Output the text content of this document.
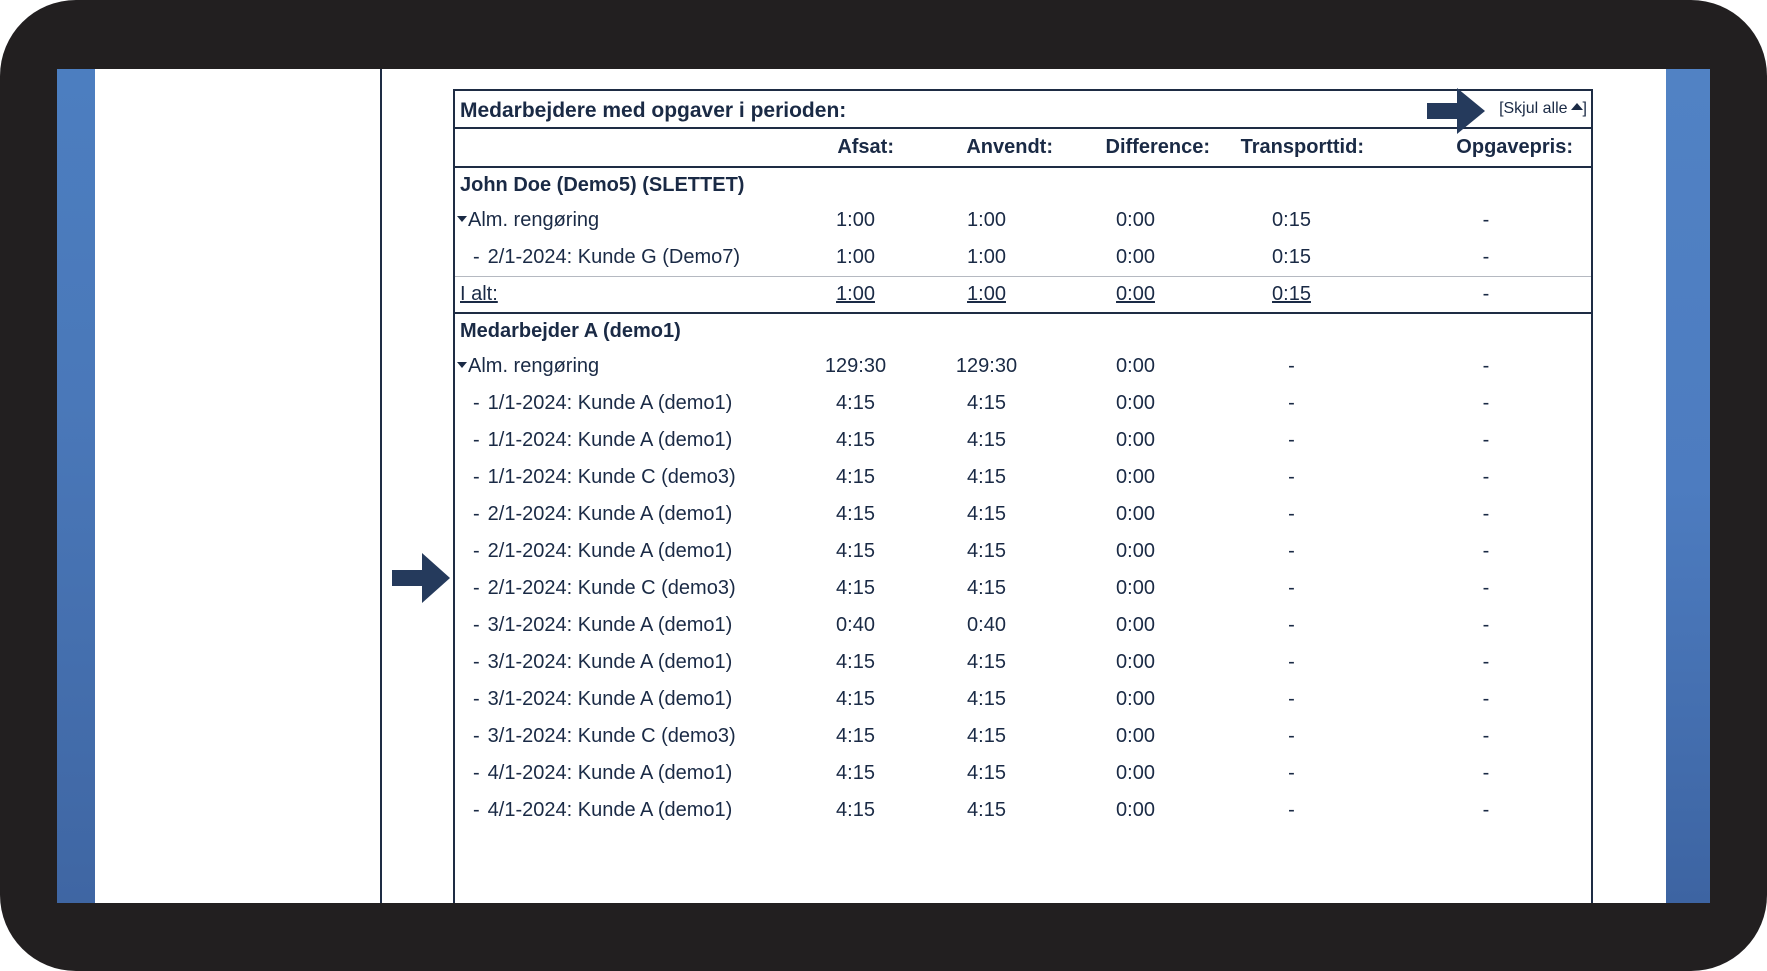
Medarbejdere med opgaver i perioden:	[Skjul alle ]
	Afsat:	Anvendt:	Difference:	Transporttid:	Opgavepris:
John Doe (Demo5) (SLETTET)					
Alm. rengøring	1:00	1:00	0:00	0:15	-
- 2/1-2024: Kunde G (Demo7)	1:00	1:00	0:00	0:15	-
I alt:	1:00	1:00	0:00	0:15	-
Medarbejder A (demo1)					
Alm. rengøring	129:30	129:30	0:00	-	-
- 1/1-2024: Kunde A (demo1)	4:15	4:15	0:00	-	-
- 1/1-2024: Kunde A (demo1)	4:15	4:15	0:00	-	-
- 1/1-2024: Kunde C (demo3)	4:15	4:15	0:00	-	-
- 2/1-2024: Kunde A (demo1)	4:15	4:15	0:00	-	-
- 2/1-2024: Kunde A (demo1)	4:15	4:15	0:00	-	-
- 2/1-2024: Kunde C (demo3)	4:15	4:15	0:00	-	-
- 3/1-2024: Kunde A (demo1)	0:40	0:40	0:00	-	-
- 3/1-2024: Kunde A (demo1)	4:15	4:15	0:00	-	-
- 3/1-2024: Kunde A (demo1)	4:15	4:15	0:00	-	-
- 3/1-2024: Kunde C (demo3)	4:15	4:15	0:00	-	-
- 4/1-2024: Kunde A (demo1)	4:15	4:15	0:00	-	-
- 4/1-2024: Kunde A (demo1)	4:15	4:15	0:00	-	-
